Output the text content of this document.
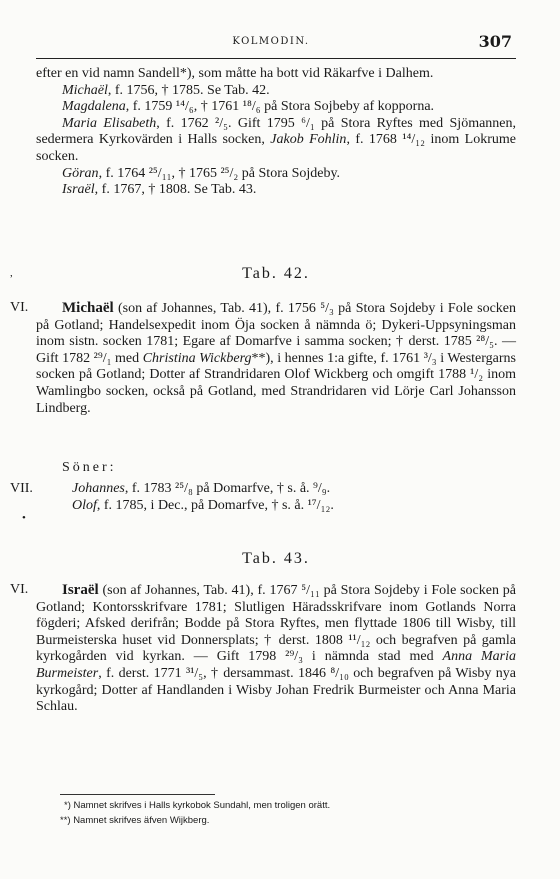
KOLMODIN.	307

efter en vid namn Sandell*), som måtte ha bott vid Räkarfve i Dalhem.

Michaël, f. 1756, † 1785. Se Tab. 42.

Magdalena, f. 1759 ¹⁴/₆, † 1761 ¹⁸/₆ på Stora Sojbeby af kopporna.

Maria Elisabeth, f. 1762 ²/₅. Gift 1795 ⁶/₁ på Stora Ryftes med Sjömannen, sedermera Kyrkovärden i Halls socken, Jakob Fohlin, f. 1768 ¹⁴/₁₂ inom Lokrume socken.

Göran, f. 1764 ²⁵/₁₁, † 1765 ²⁵/₂ på Stora Sojdeby.

Israël, f. 1767, † 1808. Se Tab. 43.

,	Tab. 42.
VI.	Michaël (son af Johannes, Tab. 41), f. 1756 ⁵/₃ på Stora Sojdeby i Fole socken på Gotland; Handelsexpedit inom Öja socken å nämnda ö; Dykeri-Uppsyningsman inom sistn. socken 1781; Egare af Domarfve i samma socken; † derst. 1785 ²⁸/₅. — Gift 1782 ²⁹/₁ med Christina Wickberg**), i hennes 1:a gifte, f. 1761 ³/₃ i Westergarns socken på Gotland; Dotter af Strandridaren Olof Wickberg och omgift 1788 ¹/₂ inom Wamlingbo socken, också på Gotland, med Strandridaren vid Lörje Carl Johansson Lindberg.

Söner:
VII.	Johannes, f. 1783 ²⁵/₈ på Domarfve, † s. å. ⁹/₉.

Olof, f. 1785, i Dec., på Domarfve, † s. å. ¹⁷/₁₂.

•
Tab. 43.
VI.	Israël (son af Johannes, Tab. 41), f. 1767 ⁵/₁₁ på Stora Sojdeby i Fole socken på Gotland; Kontorsskrifvare 1781; Slutligen Häradsskrifvare inom Gotlands Norra fögderi; Afsked derifrån; Bodde på Stora Ryftes, men flyttade 1806 till Wisby, till Burmeisterska huset vid Donnersplats; † derst. 1808 ¹¹/₁₂ och begrafven på gamla kyrkogården vid kyrkan. — Gift 1798 ²⁹/₃ i nämnda stad med Anna Maria Burmeister, f. derst. 1771 ³¹/₅, † dersammast. 1846 ⁸/₁₀ och begrafven på Wisby nya kyrkogård; Dotter af Handlanden i Wisby Johan Fredrik Burmeister och Anna Maria Schlau.

*) Namnet skrifves i Halls kyrkobok Sundahl, men troligen orätt.

**) Namnet skrifves äfven Wijkberg.
